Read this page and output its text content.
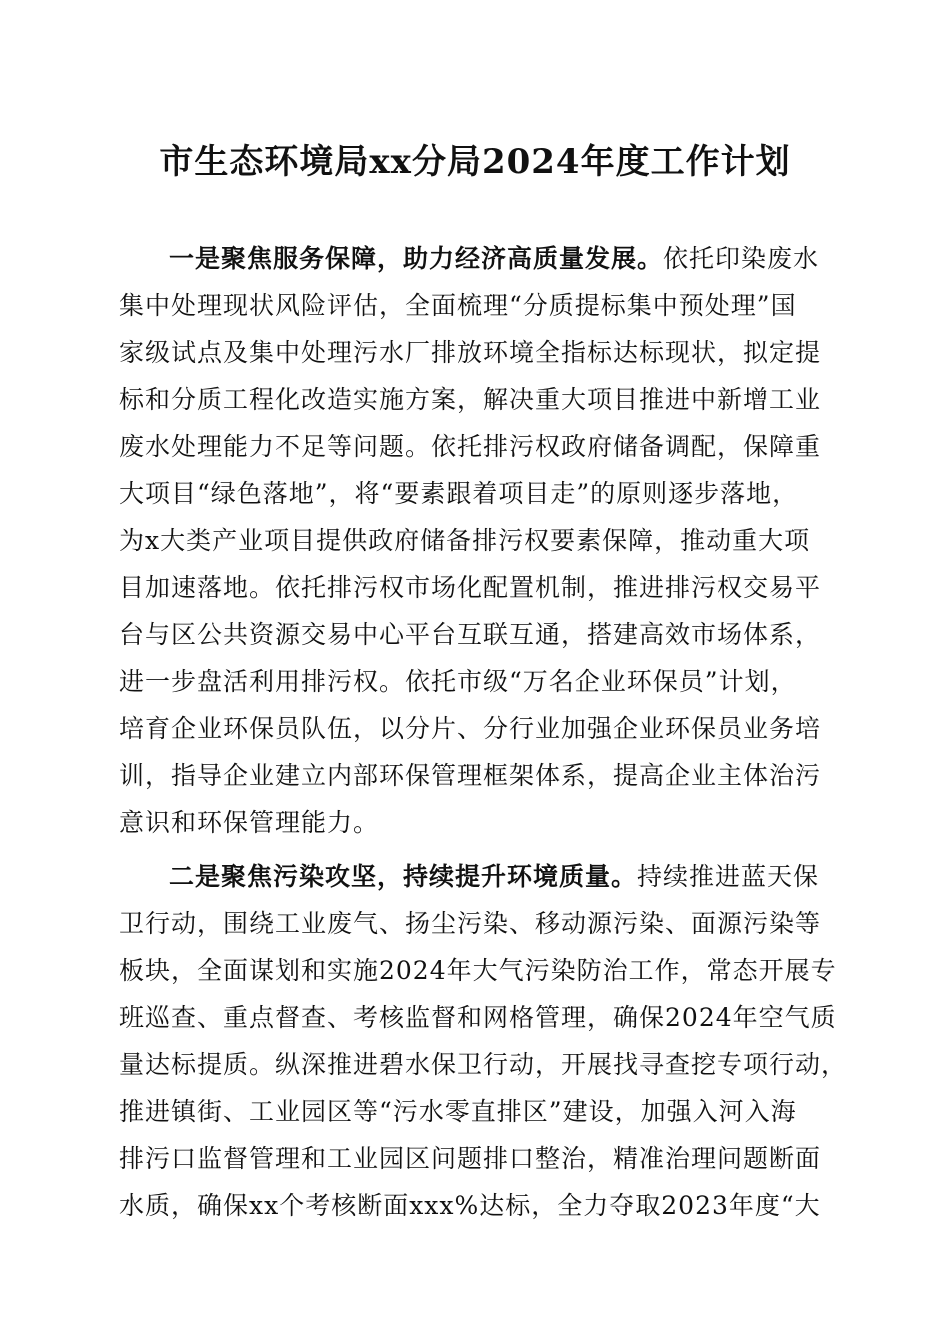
市生态环境局xx分局2024年度工作计划
一是聚焦服务保障，助力经济高质量发展。依托印染废水
集中处理现状风险评估，全面梳理“分质提标集中预处理”国
家级试点及集中处理污水厂排放环境全指标达标现状，拟定提
标和分质工程化改造实施方案，解决重大项目推进中新增工业
废水处理能力不足等问题。依托排污权政府储备调配，保障重
大项目“绿色落地”，将“要素跟着项目走”的原则逐步落地，
为x大类产业项目提供政府储备排污权要素保障，推动重大项
目加速落地。依托排污权市场化配置机制，推进排污权交易平
台与区公共资源交易中心平台互联互通，搭建高效市场体系，
进一步盘活利用排污权。依托市级“万名企业环保员”计划，
培育企业环保员队伍，以分片、分行业加强企业环保员业务培
训，指导企业建立内部环保管理框架体系，提高企业主体治污
意识和环保管理能力。
二是聚焦污染攻坚，持续提升环境质量。持续推进蓝天保
卫行动，围绕工业废气、扬尘污染、移动源污染、面源污染等
板块，全面谋划和实施2024年大气污染防治工作，常态开展专
班巡查、重点督查、考核监督和网格管理，确保2024年空气质
量达标提质。纵深推进碧水保卫行动，开展找寻查挖专项行动，
推进镇街、工业园区等“污水零直排区”建设，加强入河入海
排污口监督管理和工业园区问题排口整治，精准治理问题断面
水质，确保xx个考核断面xxx%达标，全力夺取2023年度“大
